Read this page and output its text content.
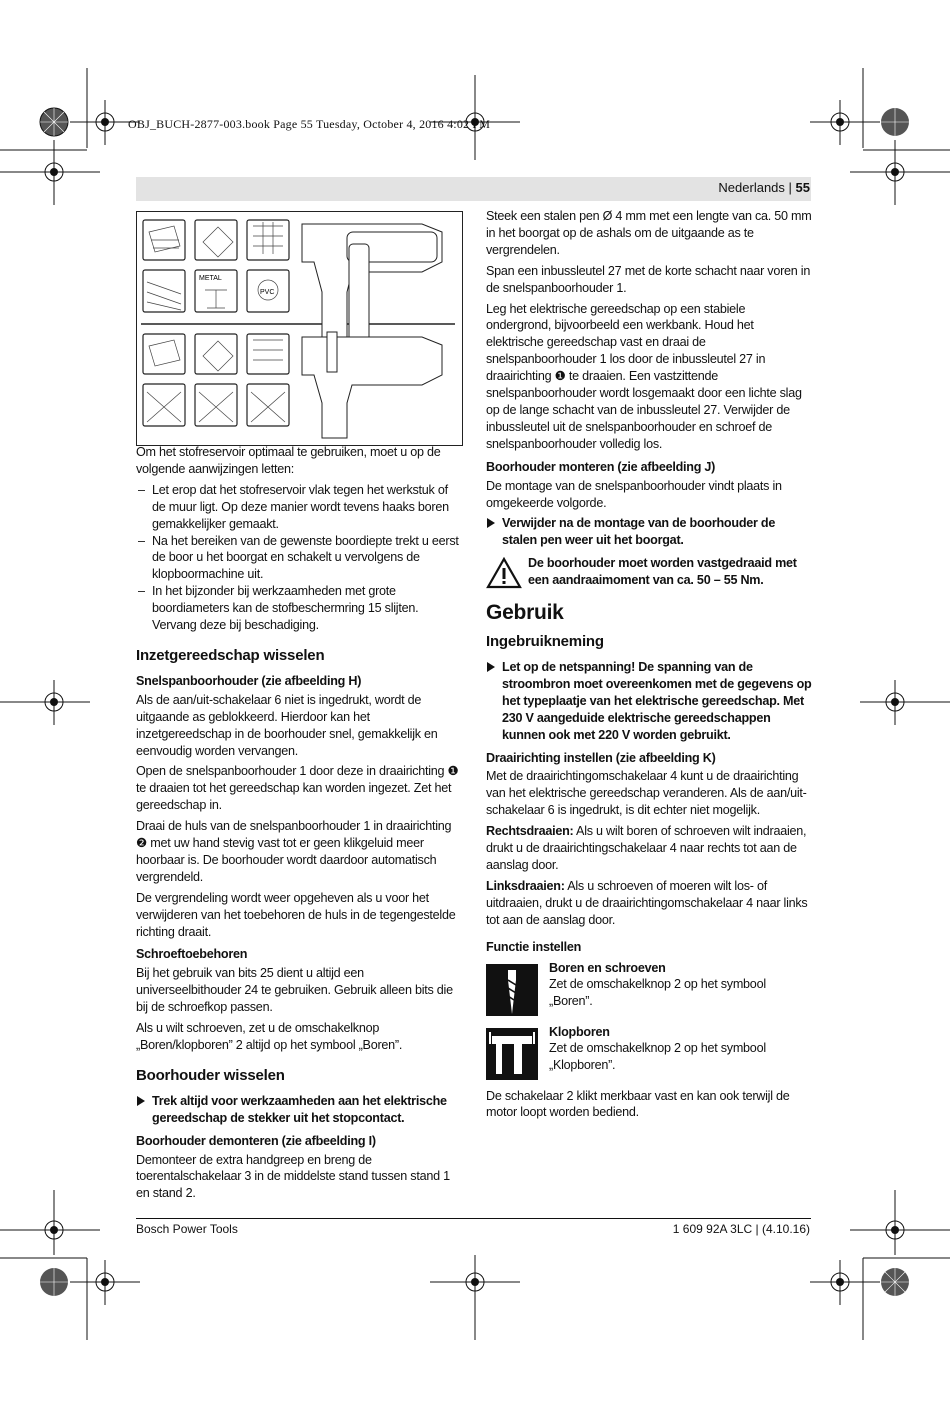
OBJ_BUCH-2877-003.book Page 55 Tuesday, October 4, 2016 4:02 PM
Nederlands | 55
METAL
PVC

Om het stofreservoir optimaal te gebruiken, moet u op de volgende aanwijzingen letten:

– Let erop dat het stofreservoir vlak tegen het werkstuk of de muur ligt. Op deze manier wordt tevens haaks boren gemakkelijker gemaakt.
– Na het bereiken van de gewenste boordiepte trekt u eerst de boor u het boorgat en schakelt u vervolgens de klopboormachine uit.
– In het bijzonder bij werkzaamheden met grote boordiameters kan de stofbeschermring 15 slijten. Vervang deze bij beschadiging.
Inzetgereedschap wisselen
Snelspanboorhouder (zie afbeelding H)

Als de aan/uit-schakelaar 6 niet is ingedrukt, wordt de uitgaande as geblokkeerd. Hierdoor kan het inzetgereedschap in de boorhouder snel, gemakkelijk en eenvoudig worden vervangen.

Open de snelspanboorhouder 1 door deze in draairichting ❶ te draaien tot het gereedschap kan worden ingezet. Zet het gereedschap in.

Draai de huls van de snelspanboorhouder 1 in draairichting ❷ met uw hand stevig vast tot er geen klikgeluid meer hoorbaar is. De boorhouder wordt daardoor automatisch vergrendeld.

De vergrendeling wordt weer opgeheven als u voor het verwijderen van het toebehoren de huls in de tegengestelde richting draait.

Schroeftoebehoren

Bij het gebruik van bits 25 dient u altijd een universeelbithouder 24 te gebruiken. Gebruik alleen bits die bij de schroefkop passen.

Als u wilt schroeven, zet u de omschakelknop „Boren/klopboren” 2 altijd op het symbool „Boren”.

Boorhouder wisselen
Trek altijd voor werkzaamheden aan het elektrische gereedschap de stekker uit het stopcontact.
Boorhouder demonteren (zie afbeelding I)

Demonteer de extra handgreep en breng de toerentalschakelaar 3 in de middelste stand tussen stand 1 en stand 2.

Steek een stalen pen Ø 4 mm met een lengte van ca. 50 mm in het boorgat op de ashals om de uitgaande as te vergrendelen.

Span een inbussleutel 27 met de korte schacht naar voren in de snelspanboorhouder 1.

Leg het elektrische gereedschap op een stabiele ondergrond, bijvoorbeeld een werkbank. Houd het elektrische gereedschap vast en draai de snelspanboorhouder 1 los door de inbussleutel 27 in draairichting ❶ te draaien. Een vastzittende snelspanboorhouder wordt losgemaakt door een lichte slag op de lange schacht van de inbussleutel 27. Verwijder de inbussleutel uit de snelspanboorhouder en schroef de snelspanboorhouder volledig los.

Boorhouder monteren (zie afbeelding J)

De montage van de snelspanboorhouder vindt plaats in omgekeerde volgorde.

Verwijder na de montage van de boorhouder de stalen pen weer uit het boorgat.
De boorhouder moet worden vastgedraaid met een aandraaimoment van ca. 50 – 55 Nm.
Gebruik
Ingebruikneming
Let op de netspanning! De spanning van de stroombron moet overeenkomen met de gegevens op het typeplaatje van het elektrische gereedschap. Met 230 V aangeduide elektrische gereedschappen kunnen ook met 220 V worden gebruikt.
Draairichting instellen (zie afbeelding K)

Met de draairichtingomschakelaar 4 kunt u de draairichting van het elektrische gereedschap veranderen. Als de aan/uit-schakelaar 6 is ingedrukt, is dit echter niet mogelijk.

Rechtsdraaien: Als u wilt boren of schroeven wilt indraaien, drukt u de draairichtingschakelaar 4 naar rechts tot aan de aanslag door.

Linksdraaien: Als u schroeven of moeren wilt los- of uitdraaien, drukt u de draairichtingomschakelaar 4 naar links tot aan de aanslag door.

Functie instellen
Boren en schroeven
Zet de omschakelknop 2 op het symbool „Boren”.
Klopboren
Zet de omschakelknop 2 op het symbool „Klopboren”.

De schakelaar 2 klikt merkbaar vast en kan ook terwijl de motor loopt worden bediend.

Bosch Power Tools	1 609 92A 3LC | (4.10.16)
